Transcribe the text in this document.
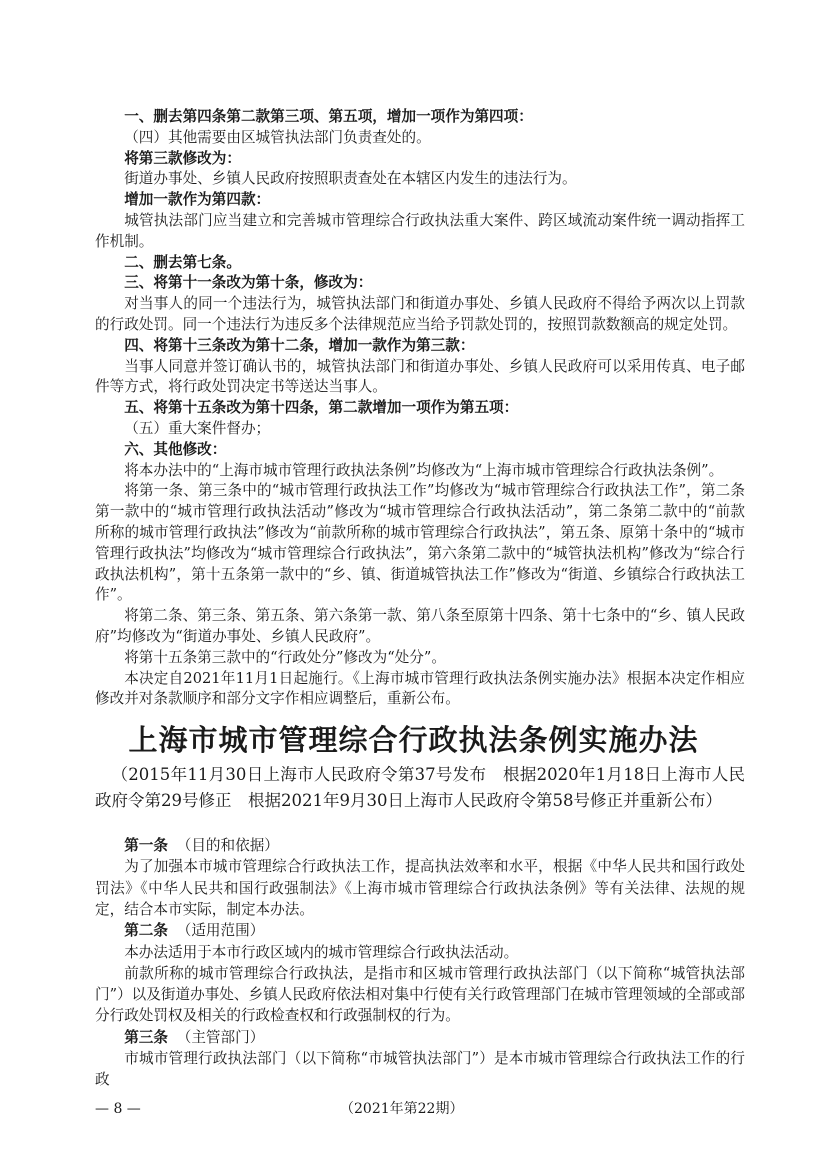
一、删去第四条第二款第三项、第五项，增加一项作为第四项：

（四）其他需要由区城管执法部门负责查处的。

将第三款修改为：

街道办事处、乡镇人民政府按照职责查处在本辖区内发生的违法行为。

增加一款作为第四款：

城管执法部门应当建立和完善城市管理综合行政执法重大案件、跨区域流动案件统一调动指挥工作机制。

二、删去第七条。

三、将第十一条改为第十条，修改为：

对当事人的同一个违法行为，城管执法部门和街道办事处、乡镇人民政府不得给予两次以上罚款的行政处罚。同一个违法行为违反多个法律规范应当给予罚款处罚的，按照罚款数额高的规定处罚。

四、将第十三条改为第十二条，增加一款作为第三款：

当事人同意并签订确认书的，城管执法部门和街道办事处、乡镇人民政府可以采用传真、电子邮件等方式，将行政处罚决定书等送达当事人。

五、将第十五条改为第十四条，第二款增加一项作为第五项：

（五）重大案件督办；

六、其他修改：

将本办法中的“上海市城市管理行政执法条例”均修改为“上海市城市管理综合行政执法条例”。

将第一条、第三条中的“城市管理行政执法工作”均修改为“城市管理综合行政执法工作”，第二条第一款中的“城市管理行政执法活动”修改为“城市管理综合行政执法活动”，第二条第二款中的“前款所称的城市管理行政执法”修改为“前款所称的城市管理综合行政执法”，第五条、原第十条中的“城市管理行政执法”均修改为“城市管理综合行政执法”，第六条第二款中的“城管执法机构”修改为“综合行政执法机构”，第十五条第一款中的“乡、镇、街道城管执法工作”修改为“街道、乡镇综合行政执法工作”。

将第二条、第三条、第五条、第六条第一款、第八条至原第十四条、第十七条中的“乡、镇人民政府”均修改为“街道办事处、乡镇人民政府”。

将第十五条第三款中的“行政处分”修改为“处分”。

本决定自2021年11月1日起施行。《上海市城市管理行政执法条例实施办法》根据本决定作相应修改并对条款顺序和部分文字作相应调整后，重新公布。

上海市城市管理综合行政执法条例实施办法
（2015年11月30日上海市人民政府令第37号发布　根据2020年1月18日上海市人民政府令第29号修正　根据2021年9月30日上海市人民政府令第58号修正并重新公布）

第一条 （目的和依据）

为了加强本市城市管理综合行政执法工作，提高执法效率和水平，根据《中华人民共和国行政处罚法》《中华人民共和国行政强制法》《上海市城市管理综合行政执法条例》等有关法律、法规的规定，结合本市实际，制定本办法。

第二条 （适用范围）

本办法适用于本市行政区域内的城市管理综合行政执法活动。

前款所称的城市管理综合行政执法，是指市和区城市管理行政执法部门（以下简称“城管执法部门”）以及街道办事处、乡镇人民政府依法相对集中行使有关行政管理部门在城市管理领域的全部或部分行政处罚权及相关的行政检查权和行政强制权的行为。

第三条 （主管部门）

市城市管理行政执法部门（以下简称“市城管执法部门”）是本市城市管理综合行政执法工作的行政

— 8 —	（2021年第22期）
